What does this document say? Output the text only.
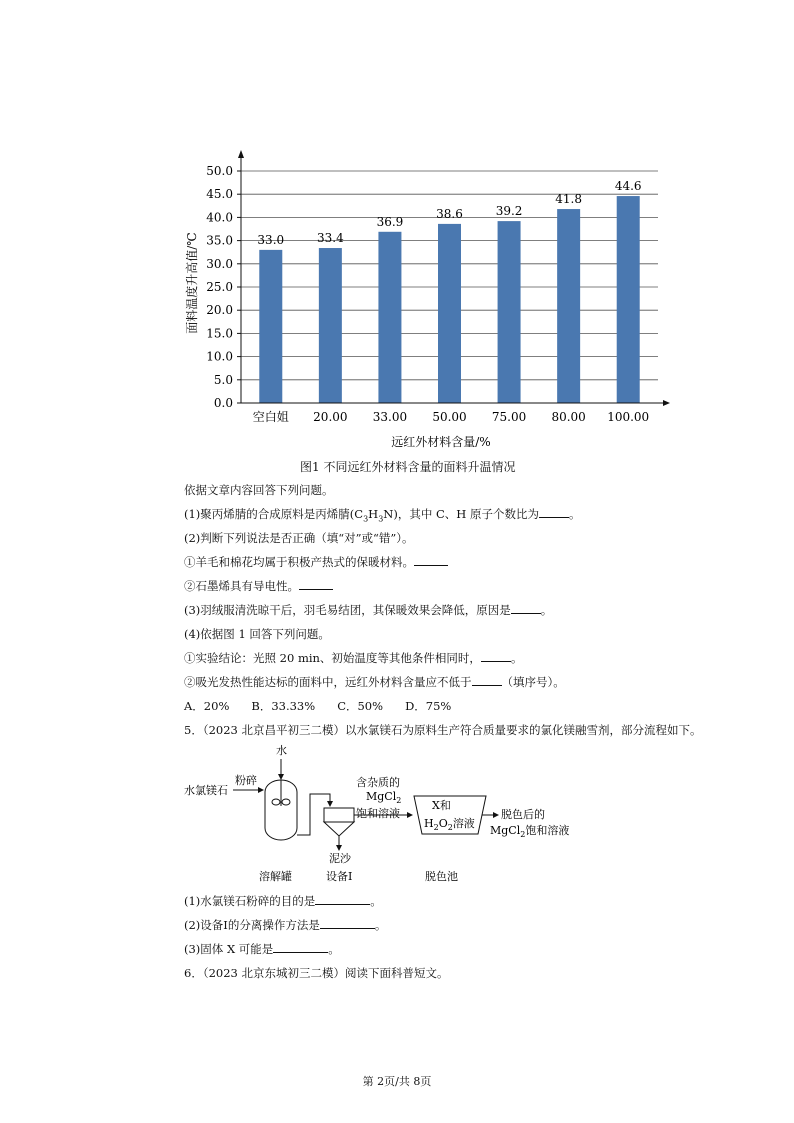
33.0	33.4
36.9
38.6	39.2
41.8
44.6
0.0
5.0
10.0
15.0
20.0
25.0
30.0
35.0
40.0
45.0
50.0
空白姐 20.00 33.00 50.00 75.00 80.00 100.00
面料温度升高值/℃
远红外材料含量/%
图1 不同远红外材料含量的面料升温情况
依据文章内容回答下列问题。
(1)聚丙烯腈的合成原料是丙烯腈$(C_3H_3N)$，其中 C、H 原子个数比为	。
(2)判断下列说法是否正确（填“对”或“错”）。
①羊毛和棉花均属于积极产热式的保暖材料。
②石墨烯具有导电性。
(3)羽绒服清洗晾干后，羽毛易结团，其保暖效果会降低，原因是	。
(4)依据图 1 回答下列问题。
①实验结论：光照 20 min、初始温度等其他条件相同时，	。
②吸光发热性能达标的面料中，远红外材料含量应不低于	（填序号）。
A．20% B．33.33% C．50% D．75%
5．（2023 北京昌平初三二模）以水氯镁石为原料生产符合质量要求的氯化镁融雪剂，部分流程如下。
水
粉碎
水氯镁石
泥沙
设备Ⅰ
含杂质的
MgCl$_2$
饱和溶液
X和
$H_2O_2$溶液
脱色池
脱色后的
MgCl$_2$饱和溶液
溶解罐
(1)水氯镁石粉碎的目的是	。
(2)设备Ⅰ的分离操作方法是	。
(3)固体 X 可能是	。
6．（2023 北京东城初三二模）阅读下面科普短文。
第 2页/共 8页
